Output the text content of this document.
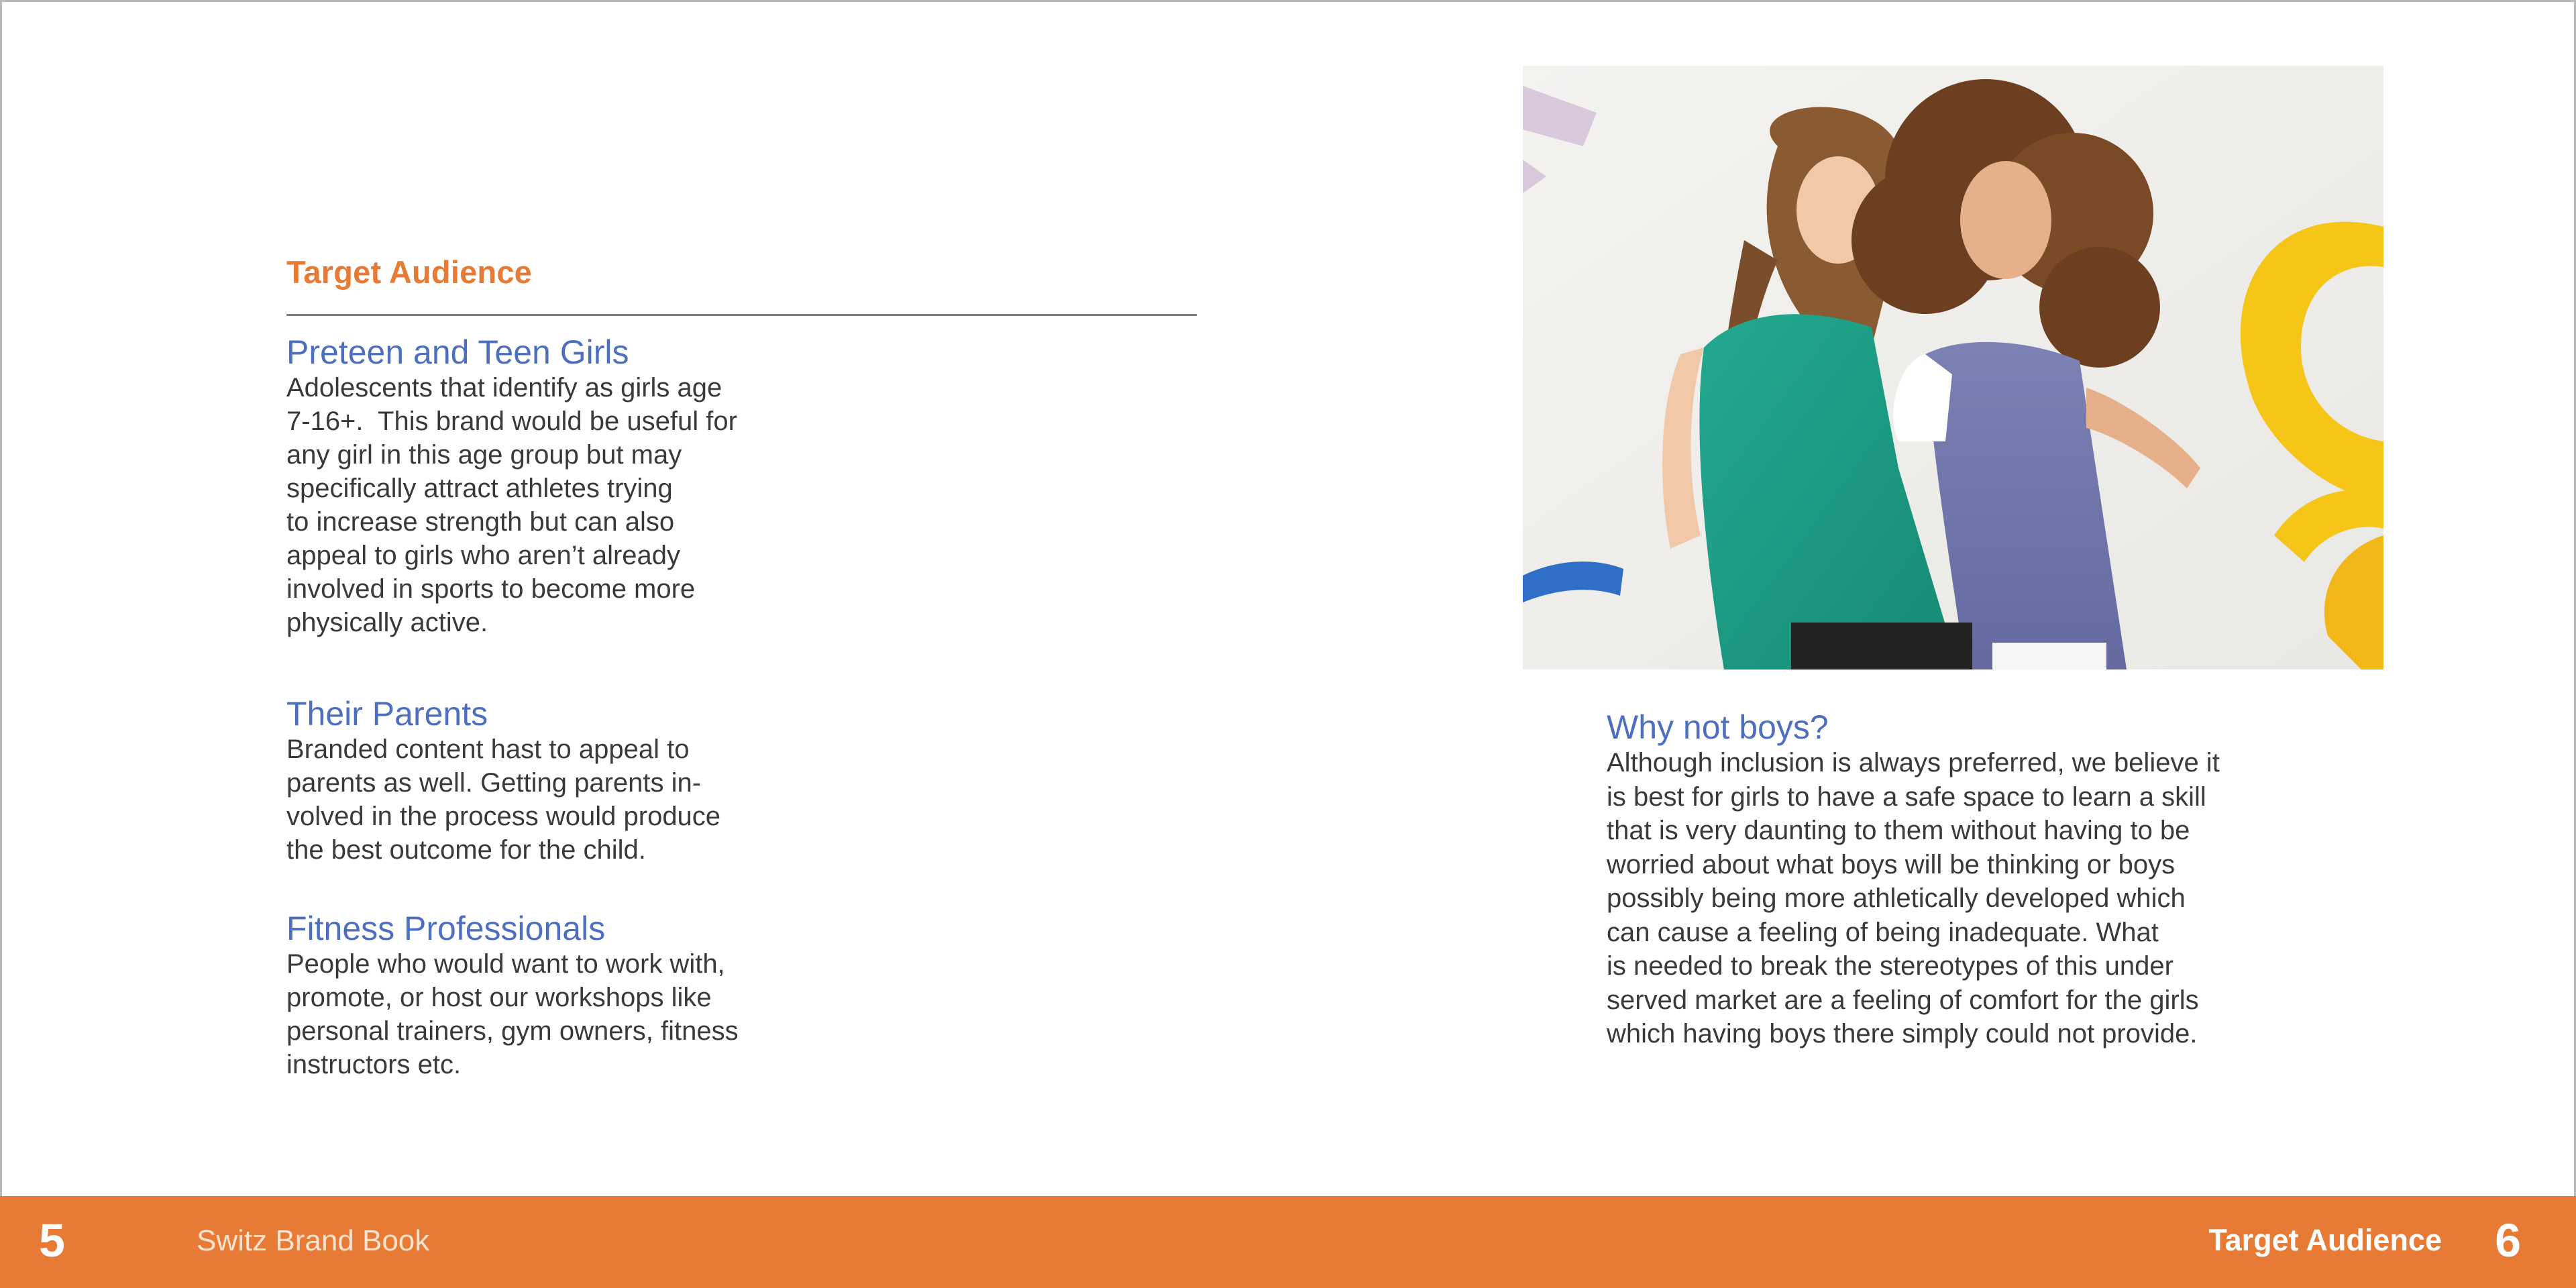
Target Audience
Preteen and Teen Girls

Adolescents that identify as girls age
7-16+.  This brand would be useful for
any girl in this age group but may
specifically attract athletes trying
to increase strength but can also
appeal to girls who aren’t already
involved in sports to become more
physically active.

Their Parents

Branded content hast to appeal to
parents as well. Getting parents in-
volved in the process would produce
the best outcome for the child.

Fitness Professionals

People who would want to work with,
promote, or host our workshops like
personal trainers, gym owners, fitness
instructors etc.

Why not boys?

Although inclusion is always preferred, we believe it
is best for girls to have a safe space to learn a skill
that is very daunting to them without having to be
worried about what boys will be thinking or boys
possibly being more athletically developed which
can cause a feeling of being inadequate. What
is needed to break the stereotypes of this under
served market are a feeling of comfort for the girls
which having boys there simply could not provide.

5	Switz Brand Book	Target Audience 6
